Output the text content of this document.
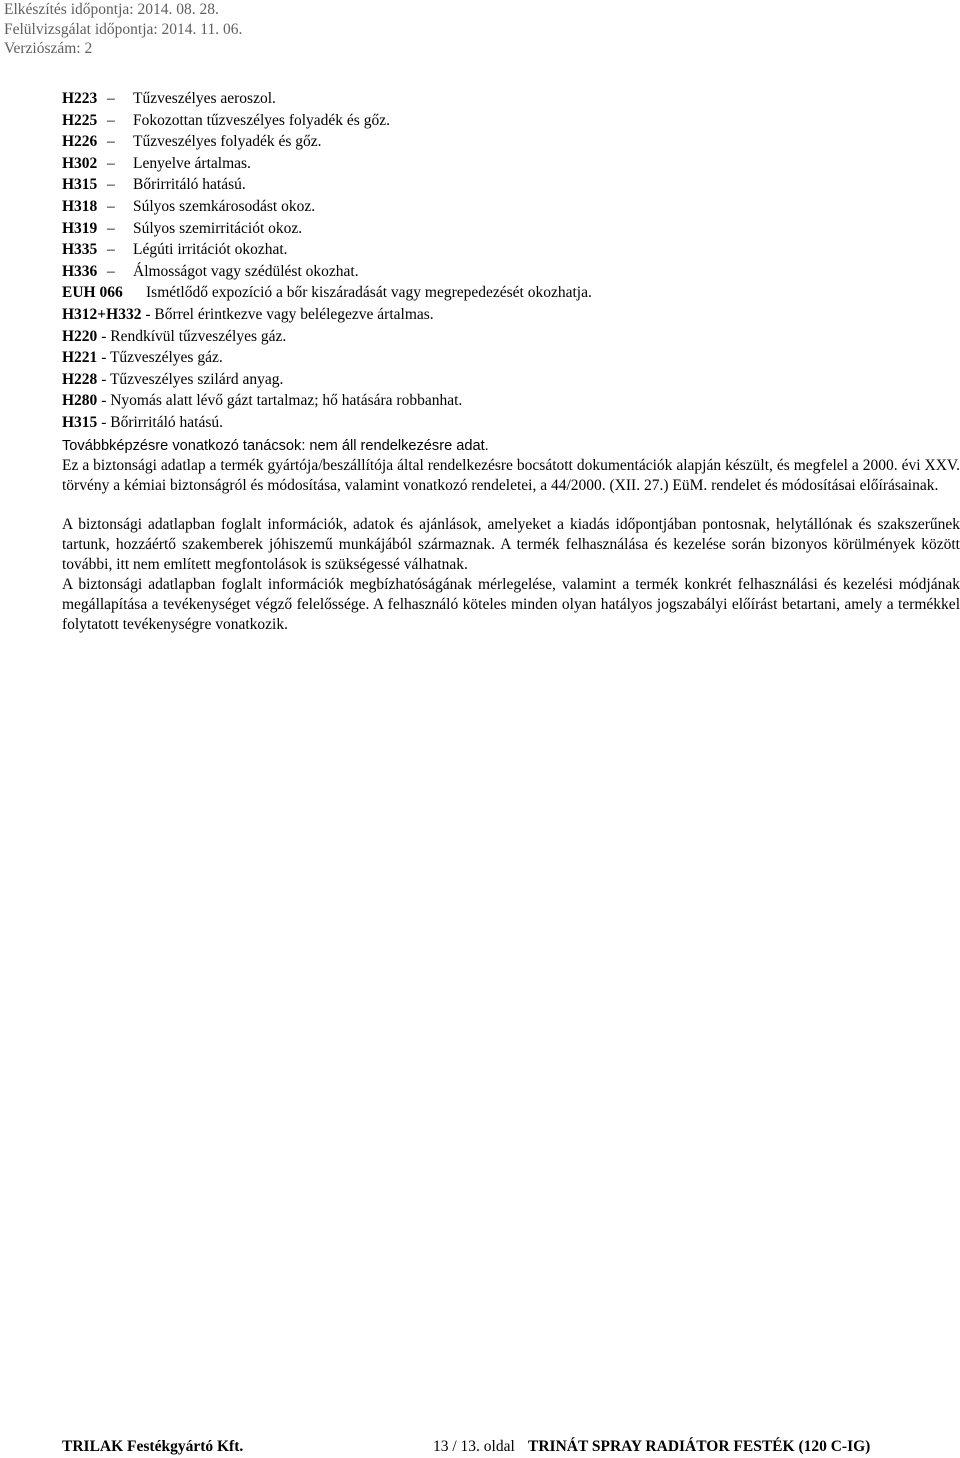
Elkészítés időpontja: 2014. 08. 28.
Felülvizsgálat időpontja: 2014. 11. 06.
Verziószám: 2
H223 – Tűzveszélyes aeroszol.
H225 – Fokozottan tűzveszélyes folyadék és gőz.
H226 – Tűzveszélyes folyadék és gőz.
H302 – Lenyelve ártalmas.
H315 – Bőrirritáló hatású.
H318 – Súlyos szemkárosodást okoz.
H319 – Súlyos szemirritációt okoz.
H335 – Légúti irritációt okozhat.
H336 – Álmosságot vagy szédülést okozhat.
EUH 066 Ismétlődő expozíció a bőr kiszáradását vagy megrepedezését okozhatja.
H312+H332 - Bőrrel érintkezve vagy belélegezve ártalmas.
H220 - Rendkívül tűzveszélyes gáz.
H221 - Tűzveszélyes gáz.
H228 - Tűzveszélyes szilárd anyag.
H280 - Nyomás alatt lévő gázt tartalmaz; hő hatására robbanhat.
H315 - Bőrirritáló hatású.

Továbbképzésre vonatkozó tanácsok: nem áll rendelkezésre adat.

Ez a biztonsági adatlap a termék gyártója/beszállítója által rendelkezésre bocsátott dokumentációk alapján készült, és megfelel a 2000. évi XXV. törvény a kémiai biztonságról és módosítása, valamint vonatkozó rendeletei, a 44/2000. (XII. 27.) EüM. rendelet és módosításai előírásainak.

A biztonsági adatlapban foglalt információk, adatok és ajánlások, amelyeket a kiadás időpontjában pontosnak, helytállónak és szakszerűnek tartunk, hozzáértő szakemberek jóhiszemű munkájából származnak. A termék felhasználása és kezelése során bizonyos körülmények között további, itt nem említett megfontolások is szükségessé válhatnak.

A biztonsági adatlapban foglalt információk megbízhatóságának mérlegelése, valamint a termék konkrét felhasználási és kezelési módjának megállapítása a tevékenységet végző felelőssége. A felhasználó köteles minden olyan hatályos jogszabályi előírást betartani, amely a termékkel folytatott tevékenységre vonatkozik.

TRILAK Festékgyártó Kft.	13 / 13. oldal TRINÁT SPRAY RADIÁTOR FESTÉK (120 C-IG)
